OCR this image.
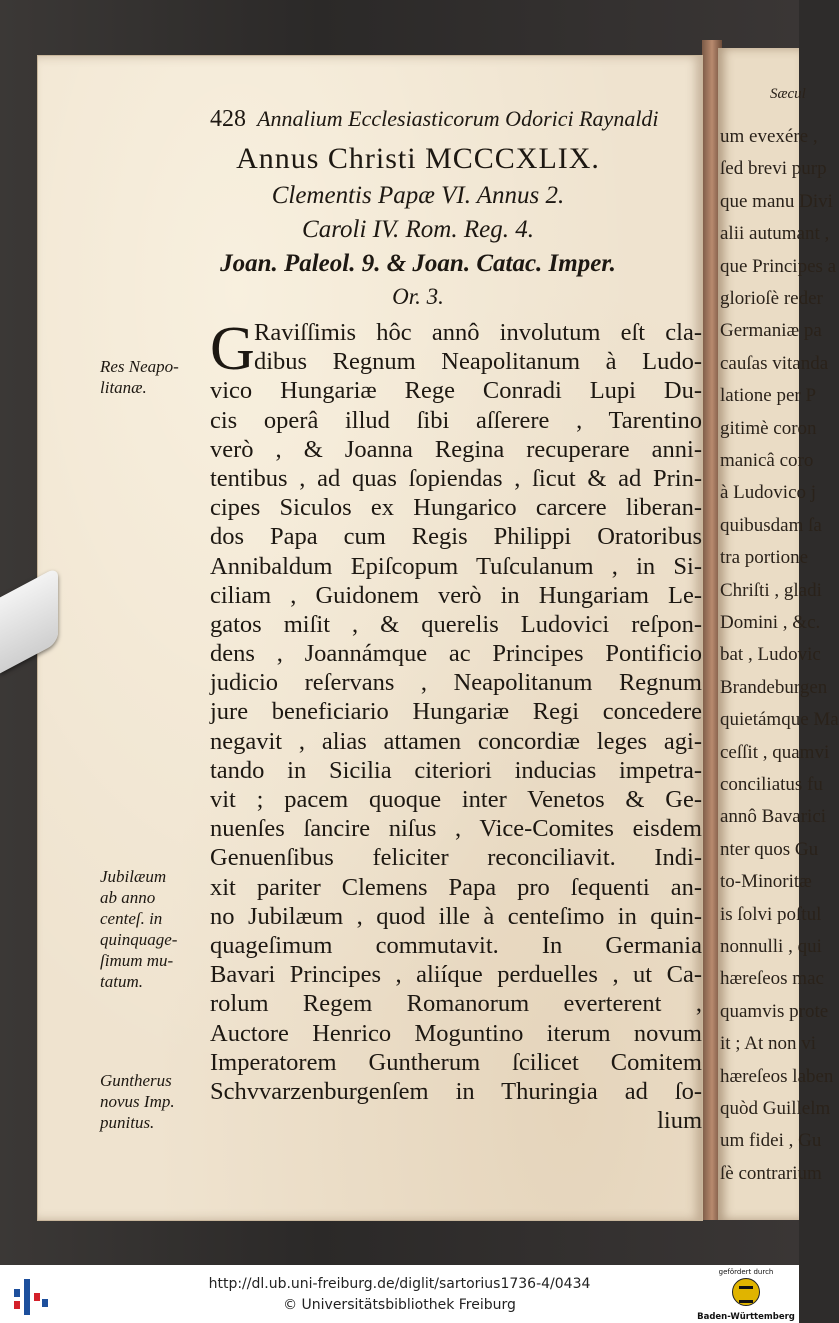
Sæcul
um evexére ,
ſed brevi purp
que manu Divi
alii autumant ,
que Principes a
glorioſè reder
Germaniæ pa
cauſas vitanda
latione per P
gitimè coron
manicâ coro
à Ludovico j
quibusdam ſa
tra portione
Chriſti , gladi
Domini , &c.
bat , Ludovic
Brandeburgen
quietámque Ma
ceſſit , quamvi
conciliatus fu
annô Bavarici
nter quos Gu
to-Minoritæ
is ſolvi poſtul
nonnulli , qui
hæreſeos mac
quamvis prote
it ; At non vi
hæreſeos laben
quòd Guillelm
um fidei , Gu
ſè contrarium
428 Annalium Ecclesiasticorum Odorici Raynaldi
Annus Christi MCCCXLIX.
Clementis Papæ VI. Annus 2.
Caroli IV. Rom. Reg. 4.
Joan. Paleol. 9. & Joan. Catac. Imper.
Or. 3.
G Raviſſimis hôc annô involutum eſt cla-
dibus Regnum Neapolitanum à Ludo-
vico Hungariæ Rege Conradi Lupi Du-
cis operâ illud ſibi aſſerere , Tarentino
verò , & Joanna Regina recuperare anni-
tentibus , ad quas ſopiendas , ſicut & ad Prin-
cipes Siculos ex Hungarico carcere liberan-
dos Papa cum Regis Philippi Oratoribus
Annibaldum Epiſcopum Tuſculanum , in Si-
ciliam , Guidonem verò in Hungariam Le-
gatos miſit , & querelis Ludovici reſpon-
dens , Joannámque ac Principes Pontificio
judicio reſervans , Neapolitanum Regnum
jure beneficiario Hungariæ Regi concedere
negavit , alias attamen concordiæ leges agi-
tando in Sicilia citeriori inducias impetra-
vit ; pacem quoque inter Venetos & Ge-
nuenſes ſancire niſus , Vice-Comites eisdem
Genuenſibus feliciter reconciliavit. Indi-
xit pariter Clemens Papa pro ſequenti an-
no Jubilæum , quod ille à centeſimo in quin-
quageſimum commutavit. In Germania
Bavari Principes , aliíque perduelles , ut Ca-
rolum Regem Romanorum everterent ,
Auctore Henrico Moguntino iterum novum
Imperatorem Guntherum ſcilicet Comitem
Schvvarzenburgenſem in Thuringia ad ſo-
lium
Res Neapo-
litanæ.
Jubilæum
ab anno
centeſ. in
quinquage-
ſimum mu-
tatum.
Guntherus
novus Imp.
punitus.
http://dl.ub.uni-freiburg.de/diglit/sartorius1736-4/0434
© Universitätsbibliothek Freiburg
gefördert durch
Baden-Württemberg
